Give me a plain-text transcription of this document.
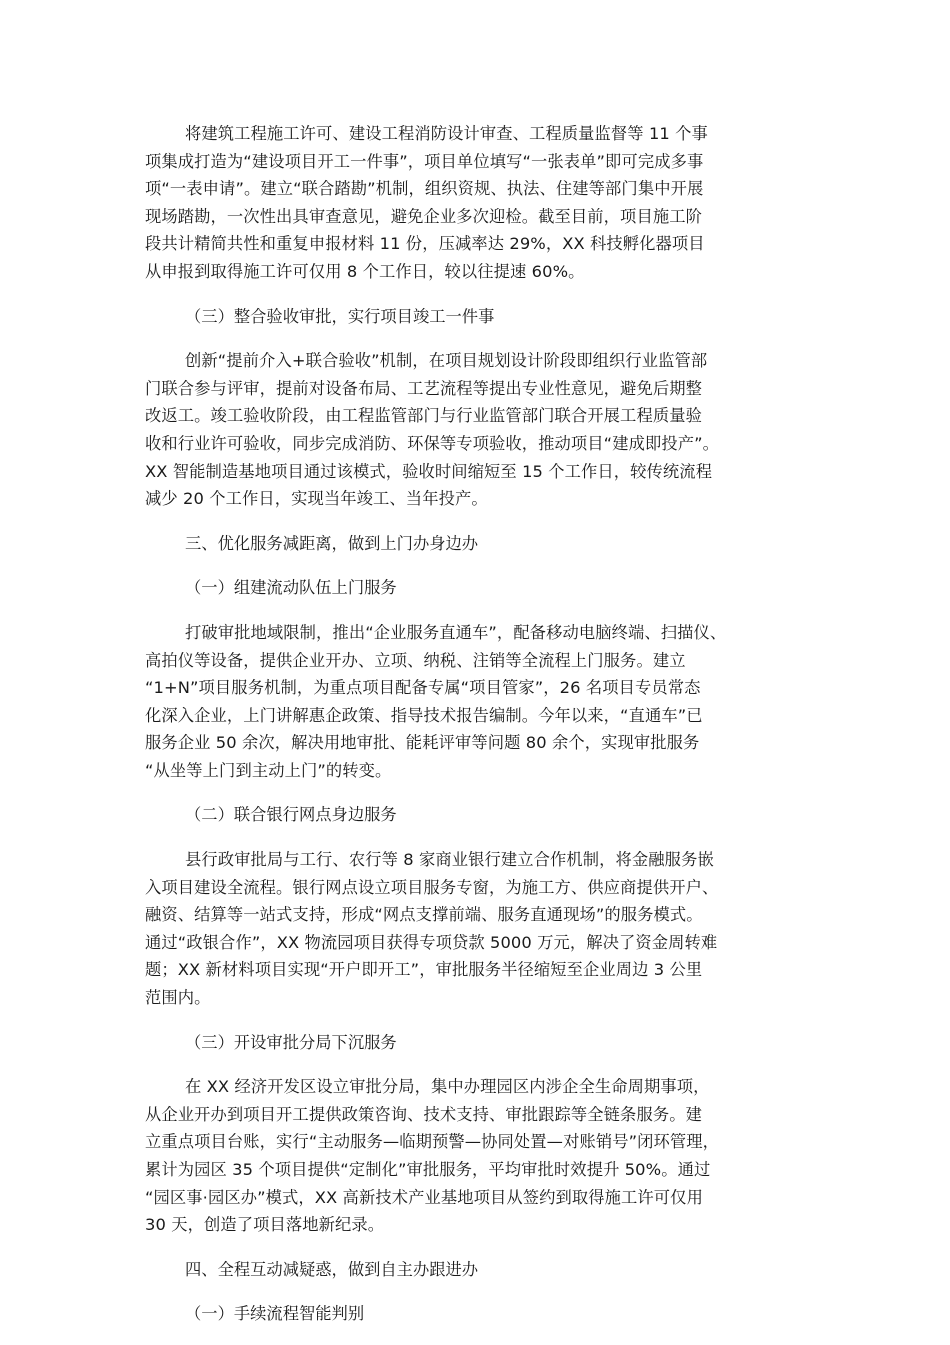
将建筑工程施工许可、建设工程消防设计审查、工程质量监督等 11 个事
项集成打造为“建设项目开工一件事”，项目单位填写“一张表单”即可完成多事
项“一表申请”。建立“联合踏勘”机制，组织资规、执法、住建等部门集中开展
现场踏勘，一次性出具审查意见，避免企业多次迎检。截至目前，项目施工阶
段共计精简共性和重复申报材料 11 份，压减率达 29%，XX 科技孵化器项目
从申报到取得施工许可仅用 8 个工作日，较以往提速 60%。
（三）整合验收审批，实行项目竣工一件事
创新“提前介入+联合验收”机制，在项目规划设计阶段即组织行业监管部
门联合参与评审，提前对设备布局、工艺流程等提出专业性意见，避免后期整
改返工。竣工验收阶段，由工程监管部门与行业监管部门联合开展工程质量验
收和行业许可验收，同步完成消防、环保等专项验收，推动项目“建成即投产”。
XX 智能制造基地项目通过该模式，验收时间缩短至 15 个工作日，较传统流程
减少 20 个工作日，实现当年竣工、当年投产。
三、优化服务减距离，做到上门办身边办
（一）组建流动队伍上门服务
打破审批地域限制，推出“企业服务直通车”，配备移动电脑终端、扫描仪、
高拍仪等设备，提供企业开办、立项、纳税、注销等全流程上门服务。建立
“1+N”项目服务机制，为重点项目配备专属“项目管家”，26 名项目专员常态
化深入企业，上门讲解惠企政策、指导技术报告编制。今年以来，“直通车”已
服务企业 50 余次，解决用地审批、能耗评审等问题 80 余个，实现审批服务
“从坐等上门到主动上门”的转变。
（二）联合银行网点身边服务
县行政审批局与工行、农行等 8 家商业银行建立合作机制，将金融服务嵌
入项目建设全流程。银行网点设立项目服务专窗，为施工方、供应商提供开户、
融资、结算等一站式支持，形成“网点支撑前端、服务直通现场”的服务模式。
通过“政银合作”，XX 物流园项目获得专项贷款 5000 万元，解决了资金周转难
题；XX 新材料项目实现“开户即开工”，审批服务半径缩短至企业周边 3 公里
范围内。
（三）开设审批分局下沉服务
在 XX 经济开发区设立审批分局，集中办理园区内涉企全生命周期事项，
从企业开办到项目开工提供政策咨询、技术支持、审批跟踪等全链条服务。建
立重点项目台账，实行“主动服务—临期预警—协同处置—对账销号”闭环管理，
累计为园区 35 个项目提供“定制化”审批服务，平均审批时效提升 50%。通过
“园区事·园区办”模式，XX 高新技术产业基地项目从签约到取得施工许可仅用
30 天，创造了项目落地新纪录。
四、全程互动减疑惑，做到自主办跟进办
（一）手续流程智能判别
